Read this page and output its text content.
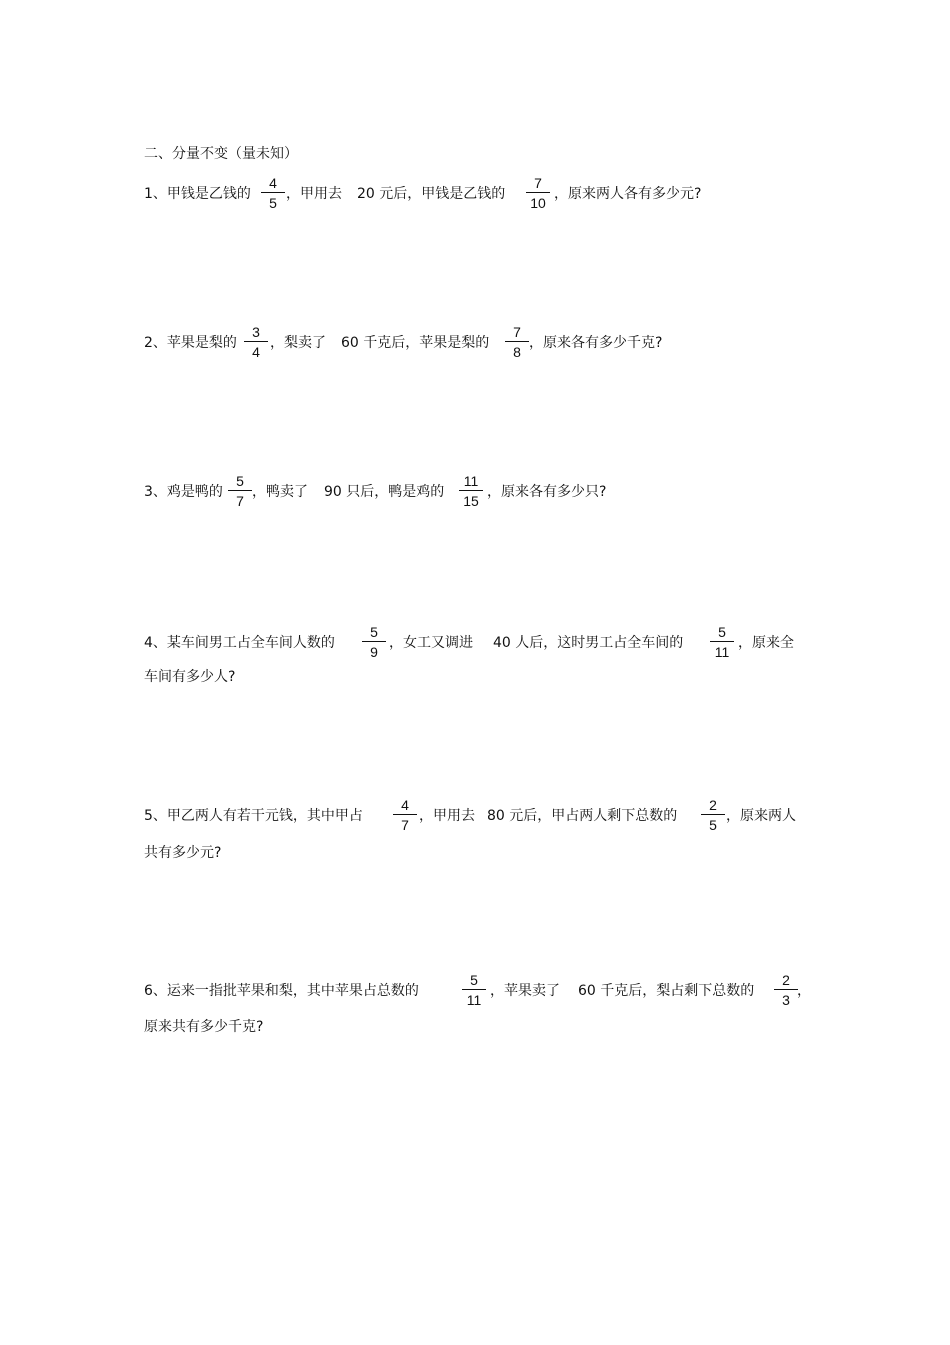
二、分量不变（量未知）
1、甲钱是乙钱的
4
5
，甲用去 20 元后，甲钱是乙钱的
7
10
，原来两人各有多少元?
2、苹果是梨的
3
4
，梨卖了 60 千克后，苹果是梨的
7
8
，原来各有多少千克?
3、鸡是鸭的
5
7
，鸭卖了 90 只后，鸭是鸡的
11
15
，原来各有多少只?
4、某车间男工占全车间人数的
5
9
，女工又调进 40 人后，这时男工占全车间的
5
11
，原来全
车间有多少人?
5、甲乙两人有若干元钱，其中甲占
4
7
，甲用去 80 元后，甲占两人剩下总数的
2
5
，原来两人
共有多少元?
6、运来一指批苹果和梨，其中苹果占总数的
5
11
，苹果卖了 60 千克后，梨占剩下总数的
2
3
，
原来共有多少千克?
